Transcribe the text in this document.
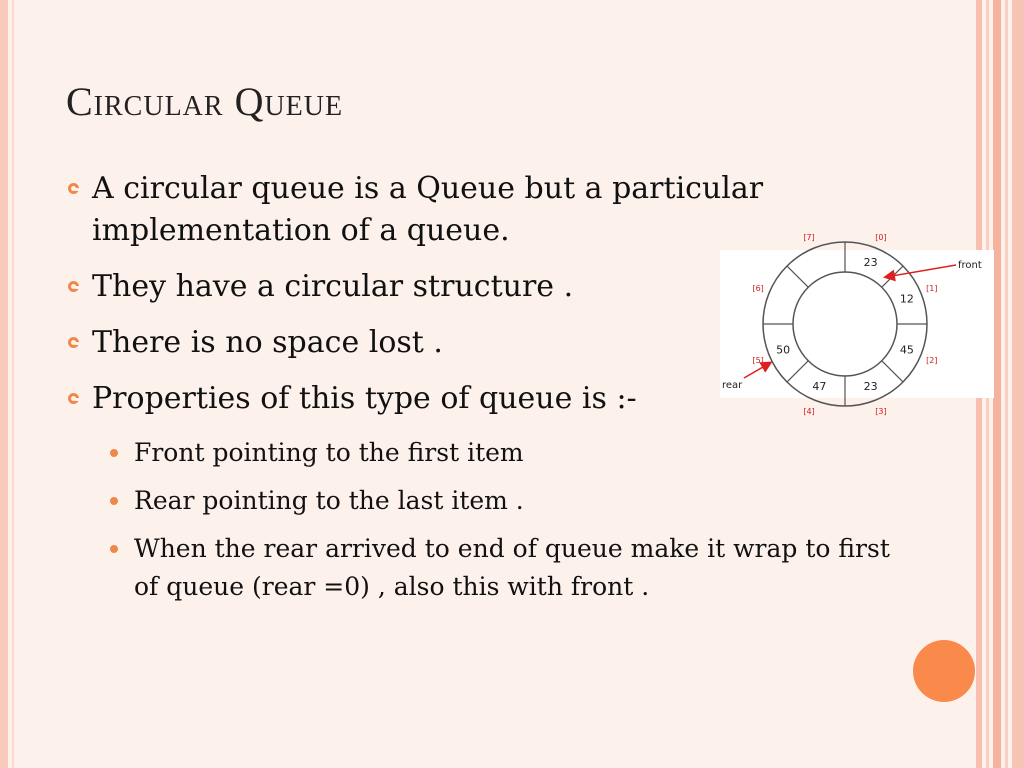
Circular Queue
A circular queue is a Queue but a particular implementation of a queue.
They have a circular structure .
There is no space lost .
Properties of this type of queue is :-
Front pointing to the first item
Rear pointing to the last item .
When the rear arrived to end of queue make it wrap to first of queue (rear =0) , also this with front .
23
[0]
12
[1]
45
[2]
23
[3]
47
[4]
50
[5]
[6]
[7]
front
rear
